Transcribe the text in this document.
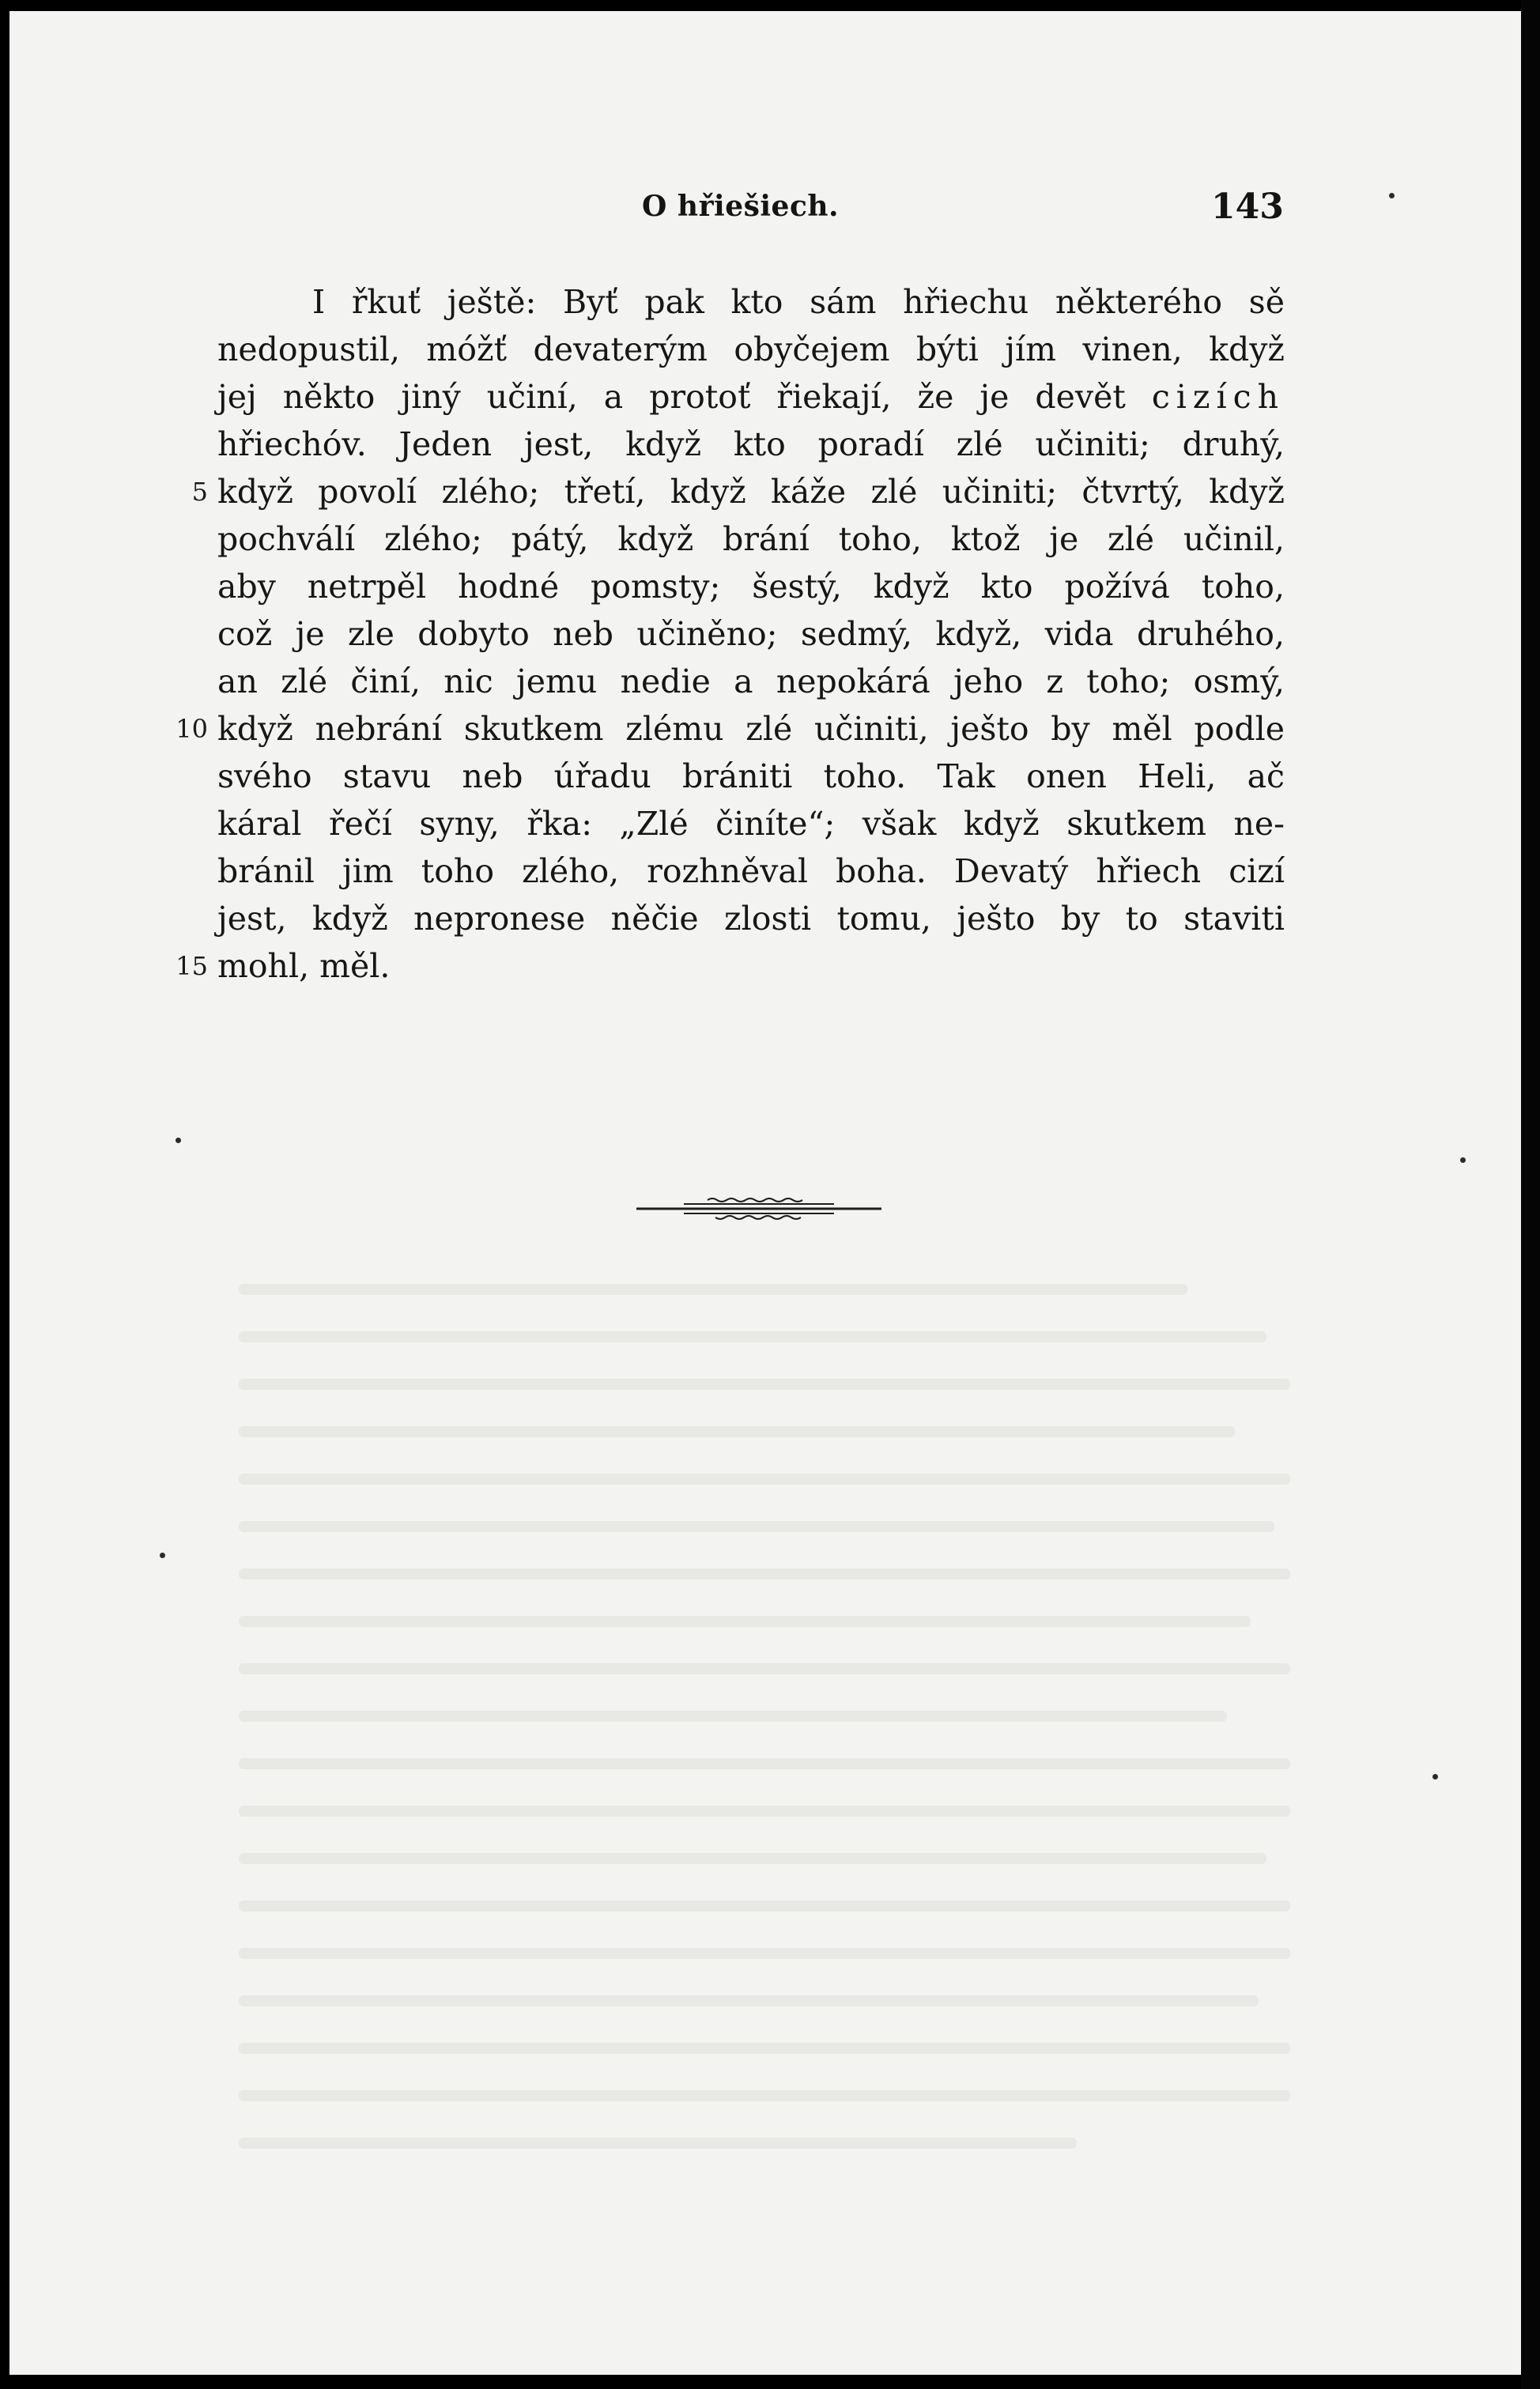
O hřiešiech.	143
I řkuť ještě: Byť pak kto sám hřiechu některého sě
nedopustil, móžť devaterým obyčejem býti jím vinen, když
jej někto jiný učiní, a protoť řiekají, že je devět cizích
hřiechóv. Jeden jest, když kto poradí zlé učiniti; druhý,
5 když povolí zlého; třetí, když káže zlé učiniti; čtvrtý, když
pochválí zlého; pátý, když brání toho, ktož je zlé učinil,
aby netrpěl hodné pomsty; šestý, když kto požívá toho,
což je zle dobyto neb učiněno; sedmý, když, vida druhého,
an zlé činí, nic jemu nedie a nepokárá jeho z toho; osmý,
10 když nebrání skutkem zlému zlé učiniti, ješto by měl podle
svého stavu neb úřadu brániti toho. Tak onen Heli, ač
káral řečí syny, řka: „Zlé činíte“; však když skutkem ne-
bránil jim toho zlého, rozhněval boha. Devatý hřiech cizí
jest, když nepronese něčie zlosti tomu, ješto by to staviti
15 mohl, měl.
